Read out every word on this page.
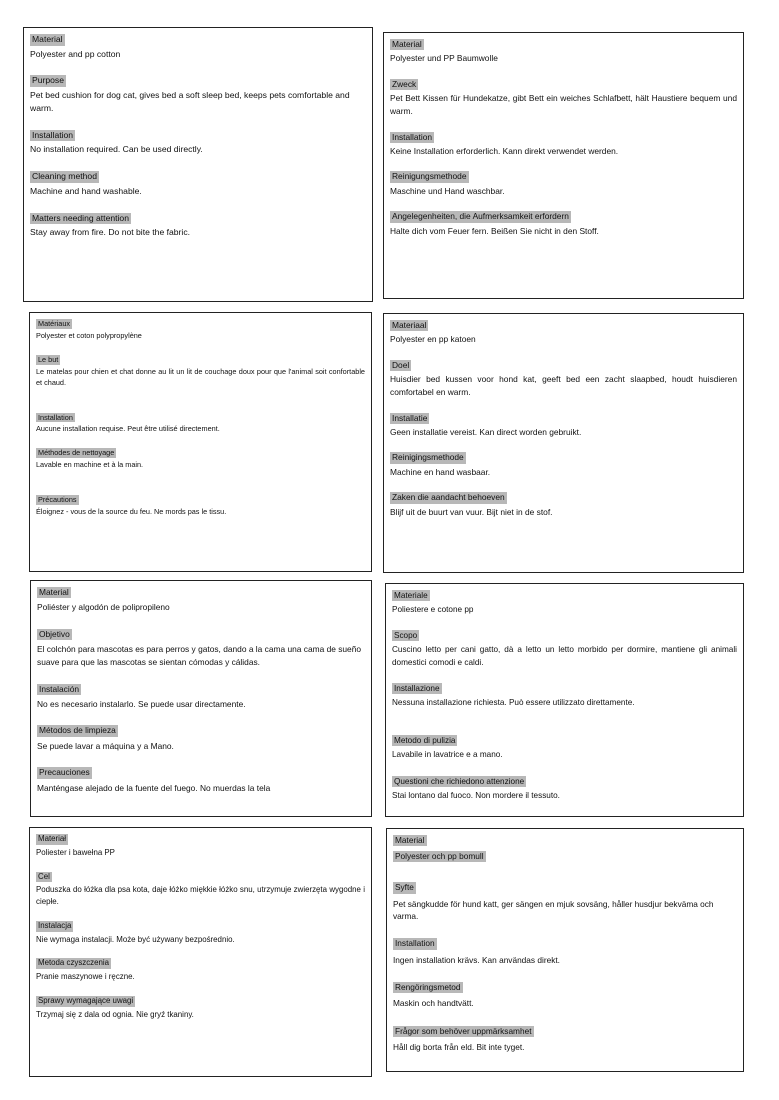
Material

Polyester and pp cotton

Purpose

Pet bed cushion for dog cat, gives bed a soft sleep bed, keeps pets comfortable and warm.

Installation

No installation required. Can be used directly.

Cleaning method

Machine and hand washable.

Matters needing attention

Stay away from fire. Do not bite the fabric.

Material

Polyester und PP Baumwolle

Zweck

Pet Bett Kissen für Hundekatze, gibt Bett ein weiches Schlafbett, hält Haustiere bequem und warm.

Installation

Keine Installation erforderlich. Kann direkt verwendet werden.

Reinigungsmethode

Maschine und Hand waschbar.

Angelegenheiten, die Aufmerksamkeit erfordern

Halte dich vom Feuer fern. Beißen Sie nicht in den Stoff.

Matériaux

Polyester et coton polypropylène

Le but

Le matelas pour chien et chat donne au lit un lit de couchage doux pour que l'animal soit confortable et chaud.

Installation

Aucune installation requise. Peut être utilisé directement.

Méthodes de nettoyage

Lavable en machine et à la main.

Précautions

Éloignez - vous de la source du feu. Ne mords pas le tissu.

Materiaal

Polyester en pp katoen

Doel

Huisdier bed kussen voor hond kat, geeft bed een zacht slaapbed, houdt huisdieren comfortabel en warm.

Installatie

Geen installatie vereist. Kan direct worden gebruikt.

Reinigingsmethode

Machine en hand wasbaar.

Zaken die aandacht behoeven

Blijf uit de buurt van vuur. Bijt niet in de stof.

Material

Poliéster y algodón de polipropileno

Objetivo

El colchón para mascotas es para perros y gatos, dando a la cama una cama de sueño suave para que las mascotas se sientan cómodas y cálidas.

Instalación

No es necesario instalarlo. Se puede usar directamente.

Métodos de limpieza

Se puede lavar a máquina y a Mano.

Precauciones

Manténgase alejado de la fuente del fuego. No muerdas la tela

Materiale

Poliestere e cotone pp

Scopo

Cuscino letto per cani gatto, dà a letto un letto morbido per dormire, mantiene gli animali domestici comodi e caldi.

Installazione

Nessuna installazione richiesta. Può essere utilizzato direttamente.

Metodo di pulizia

Lavabile in lavatrice e a mano.

Questioni che richiedono attenzione

Stai lontano dal fuoco. Non mordere il tessuto.

Materiał

Poliester i bawełna PP

Cel

Poduszka do łóżka dla psa kota, daje łóżko miękkie łóżko snu, utrzymuje zwierzęta wygodne i ciepłe.

Instalacja

Nie wymaga instalacji. Może być używany bezpośrednio.

Metoda czyszczenia

Pranie maszynowe i ręczne.

Sprawy wymagające uwagi

Trzymaj się z dala od ognia. Nie gryź tkaniny.

Material

Polyester och pp bomull

Syfte

Pet sängkudde för hund katt, ger sängen en mjuk sovsäng, håller husdjur bekväma och varma.

Installation

Ingen installation krävs. Kan användas direkt.

Rengöringsmetod

Maskin och handtvätt.

Frågor som behöver uppmärksamhet

Håll dig borta från eld. Bit inte tyget.
